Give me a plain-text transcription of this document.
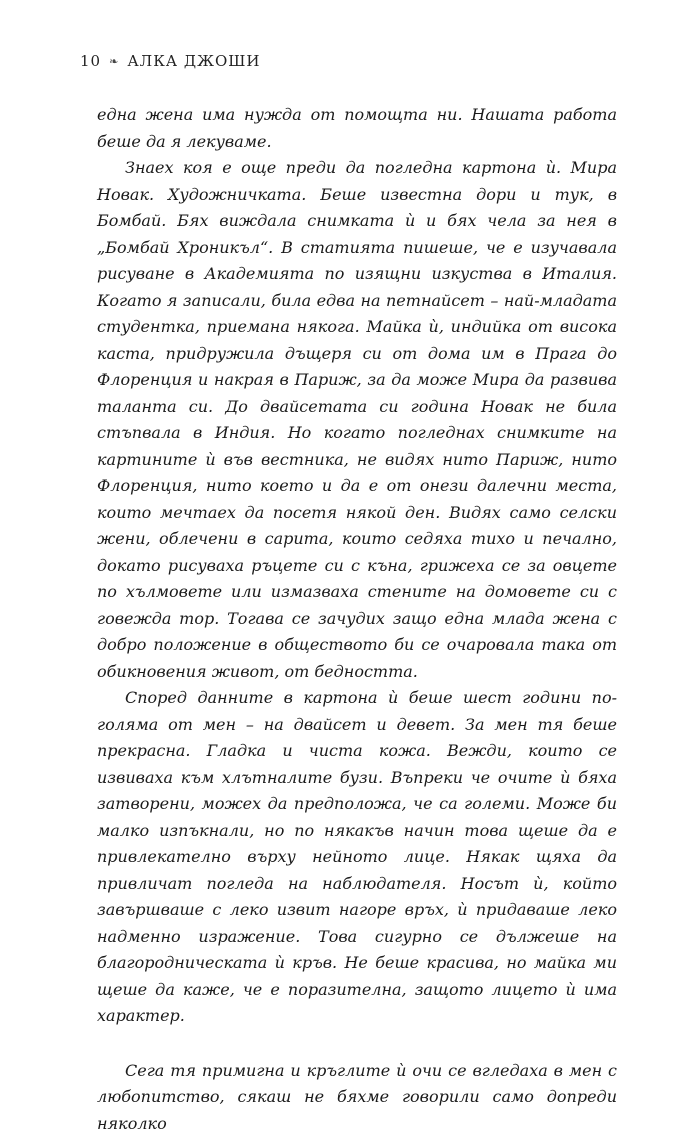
10 ❧ АЛКА ДЖОШИ

една жена има нужда от помощта ни. Нашата работа беше да я лекуваме.

Знаех коя е още преди да погледна картона ѝ. Мира Новак. Художничката. Беше известна дори и тук, в Бомбай. Бях виждала снимката ѝ и бях чела за нея в „Бомбай Хроникъл“. В статията пишеше, че е изучавала рисуване в Академията по изящни изкуства в Италия. Когато я записали, била едва на петнайсет – най-младата студентка, приемана някога. Майка ѝ, индийка от висока каста, придружила дъщеря си от дома им в Прага до Флоренция и накрая в Париж, за да може Мира да развива таланта си. До двайсетата си година Новак не била стъпвала в Индия. Но когато погледнах снимките на картините ѝ във вестника, не видях нито Париж, нито Флоренция, нито което и да е от онези далечни места, които мечтаех да посетя някой ден. Видях само селски жени, облечени в сарита, които седяха тихо и печално, докато рисуваха ръцете си с къна, грижеха се за овцете по хълмовете или измазваха стените на домовете си с говежда тор. Тогава се зачудих защо една млада жена с добро положение в обществото би се очаровала така от обикновения живот, от бедността.

Според данните в картона ѝ беше шест години по-голяма от мен – на двайсет и девет. За мен тя беше прекрасна. Гладка и чиста кожа. Вежди, които се извиваха към хлътналите бузи. Въпреки че очите ѝ бяха затворени, можех да предположа, че са големи. Може би малко изпъкнали, но по някакъв начин това щеше да е привлекателно върху нейното лице. Някак щяха да привличат погледа на наблюдателя. Носът ѝ, който завършваше с леко извит нагоре връх, ѝ придаваше леко надменно изражение. Това сигурно се дължеше на благородническата ѝ кръв. Не беше красива, но майка ми щеше да каже, че е поразителна, защото лицето ѝ има характер.

Сега тя примигна и кръглите ѝ очи се вгледаха в мен с любопитство, сякаш не бяхме говорили само допреди няколко
